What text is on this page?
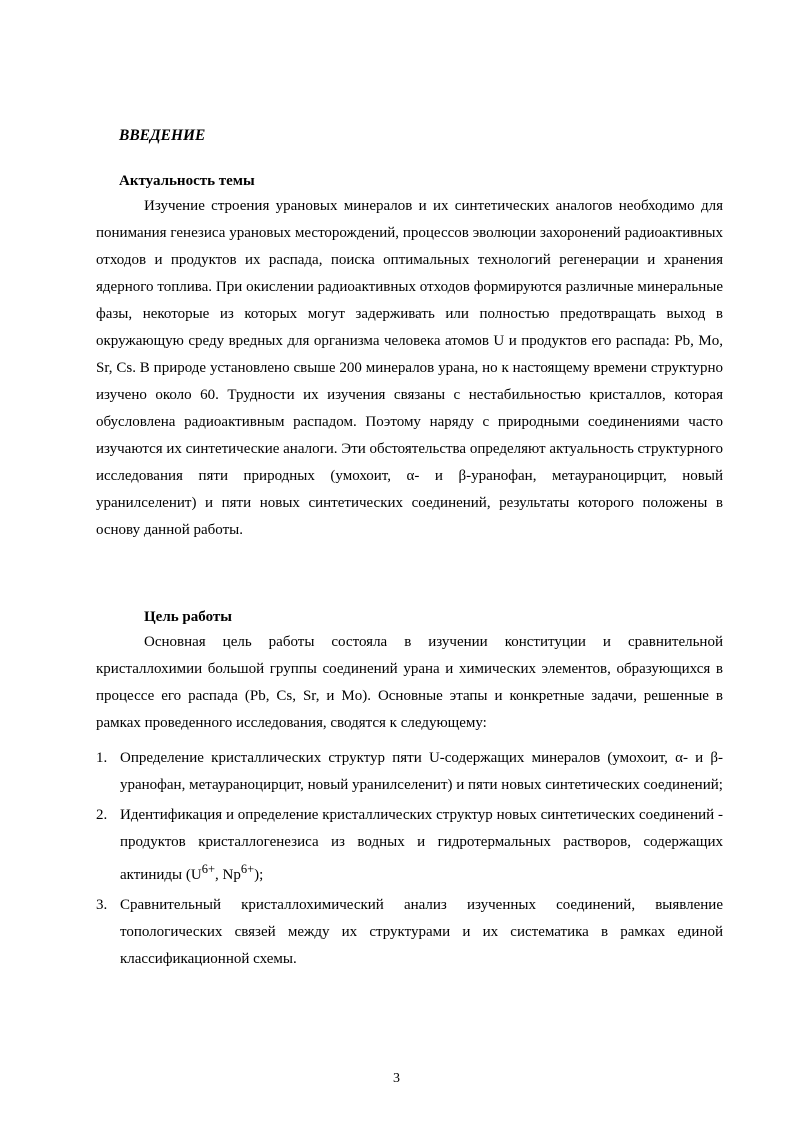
ВВЕДЕНИЕ
Актуальность темы

Изучение строения урановых минералов и их синтетических аналогов необходимо для понимания генезиса урановых месторождений, процессов эволюции захоронений радиоактивных отходов и продуктов их распада, поиска оптимальных технологий регенерации и хранения ядерного топлива. При окислении радиоактивных отходов формируются различные минеральные фазы, некоторые из которых могут задерживать или полностью предотвращать выход в окружающую среду вредных для организма человека атомов U и продуктов его распада: Pb, Mo, Sr, Cs. В природе установлено свыше 200 минералов урана, но к настоящему времени структурно изучено около 60. Трудности их изучения связаны с нестабильностью кристаллов, которая обусловлена радиоактивным распадом. Поэтому наряду с природными соединениями часто изучаются их синтетические аналоги. Эти обстоятельства определяют актуальность структурного исследования пяти природных (умохоит, α- и β-уранофан, метаураноцирцит, новый уранилселенит) и пяти новых синтетических соединений, результаты которого положены в основу данной работы.

Цель работы

Основная цель работы состояла в изучении конституции и сравнительной кристаллохимии большой группы соединений урана и химических элементов, образующихся в процессе его распада (Pb, Cs, Sr, и Mo). Основные этапы и конкретные задачи, решенные в рамках проведенного исследования, сводятся к следующему:

1. Определение кристаллических структур пяти U-содержащих минералов (умохоит, α- и β-уранофан, метаураноцирцит, новый уранилселенит) и пяти новых синтетических соединений;
2. Идентификация и определение кристаллических структур новых синтетических соединений - продуктов кристаллогенезиса из водных и гидротермальных растворов, содержащих актиниды ($U^{6+}$, $Np^{6+}$);
3. Сравнительный кристаллохимический анализ изученных соединений, выявление топологических связей между их структурами и их систематика в рамках единой классификационной схемы.
3
